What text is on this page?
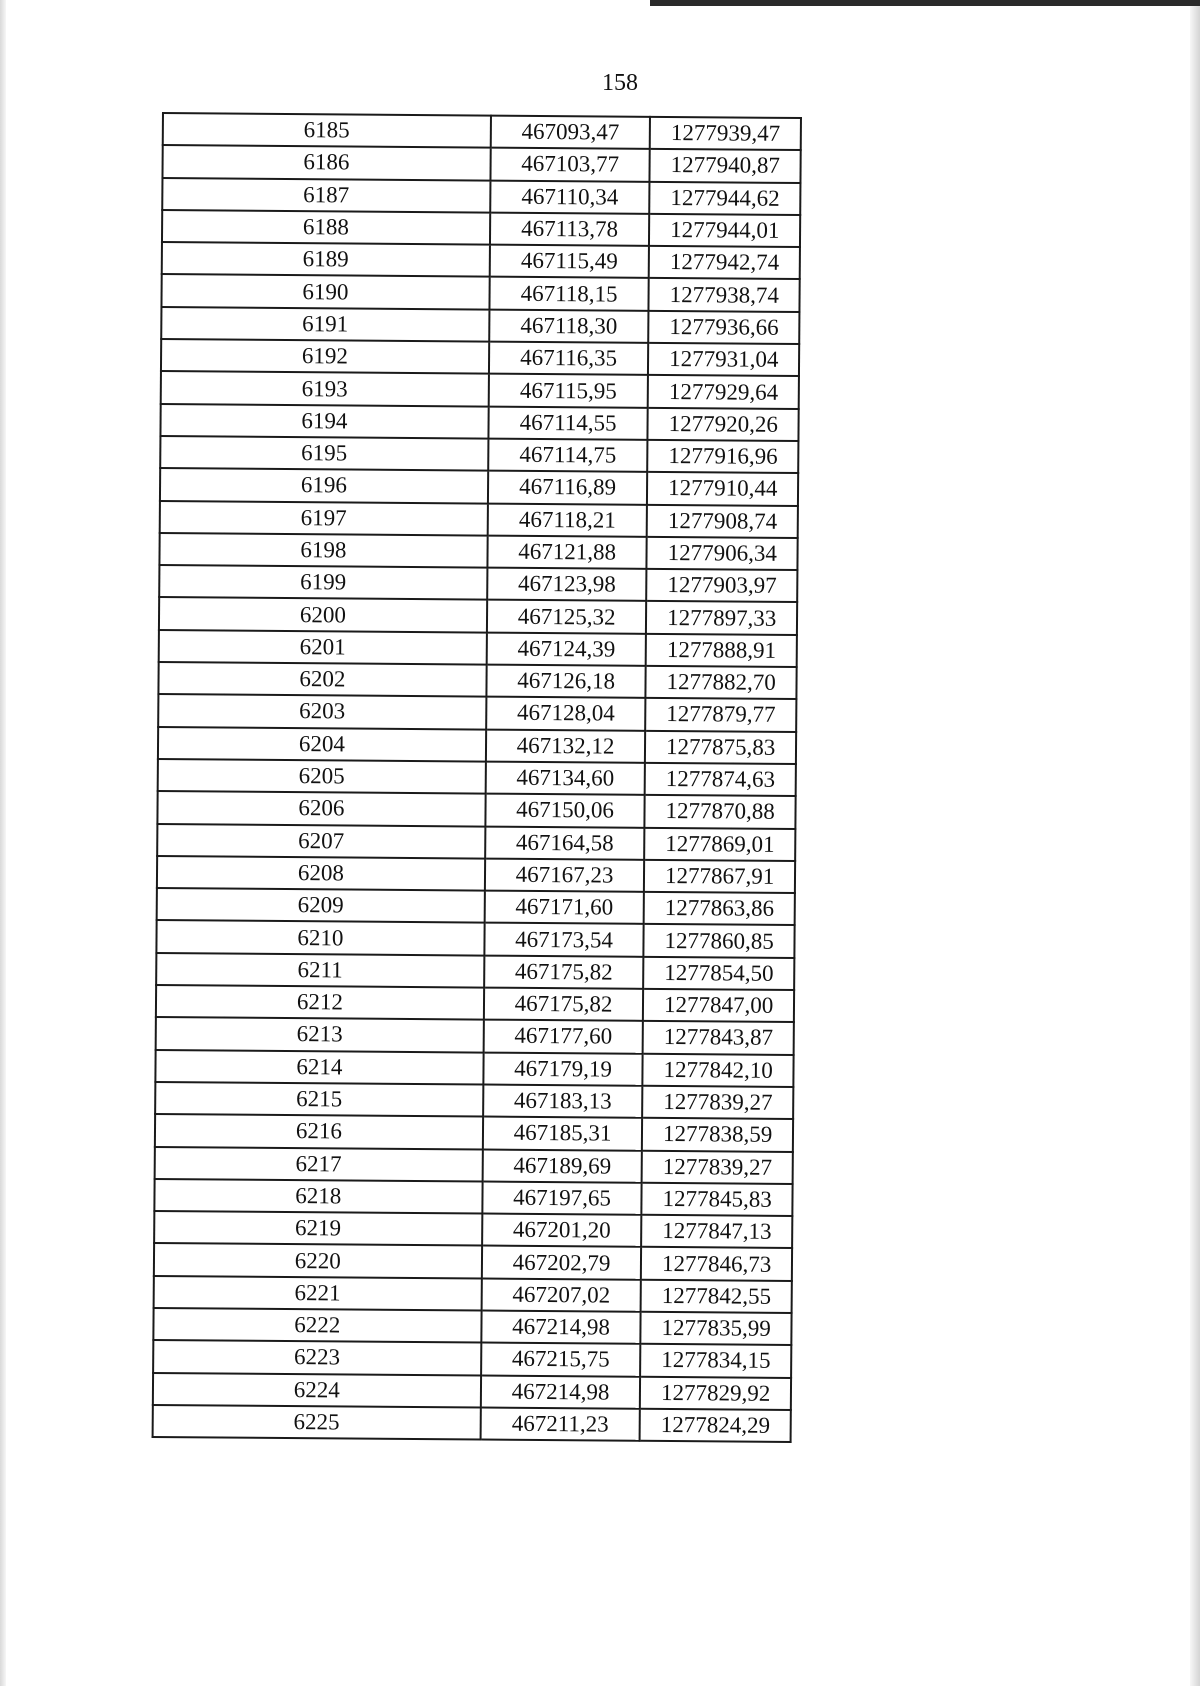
158
6185	467093,47	1277939,47
6186	467103,77	1277940,87
6187	467110,34	1277944,62
6188	467113,78	1277944,01
6189	467115,49	1277942,74
6190	467118,15	1277938,74
6191	467118,30	1277936,66
6192	467116,35	1277931,04
6193	467115,95	1277929,64
6194	467114,55	1277920,26
6195	467114,75	1277916,96
6196	467116,89	1277910,44
6197	467118,21	1277908,74
6198	467121,88	1277906,34
6199	467123,98	1277903,97
6200	467125,32	1277897,33
6201	467124,39	1277888,91
6202	467126,18	1277882,70
6203	467128,04	1277879,77
6204	467132,12	1277875,83
6205	467134,60	1277874,63
6206	467150,06	1277870,88
6207	467164,58	1277869,01
6208	467167,23	1277867,91
6209	467171,60	1277863,86
6210	467173,54	1277860,85
6211	467175,82	1277854,50
6212	467175,82	1277847,00
6213	467177,60	1277843,87
6214	467179,19	1277842,10
6215	467183,13	1277839,27
6216	467185,31	1277838,59
6217	467189,69	1277839,27
6218	467197,65	1277845,83
6219	467201,20	1277847,13
6220	467202,79	1277846,73
6221	467207,02	1277842,55
6222	467214,98	1277835,99
6223	467215,75	1277834,15
6224	467214,98	1277829,92
6225	467211,23	1277824,29
